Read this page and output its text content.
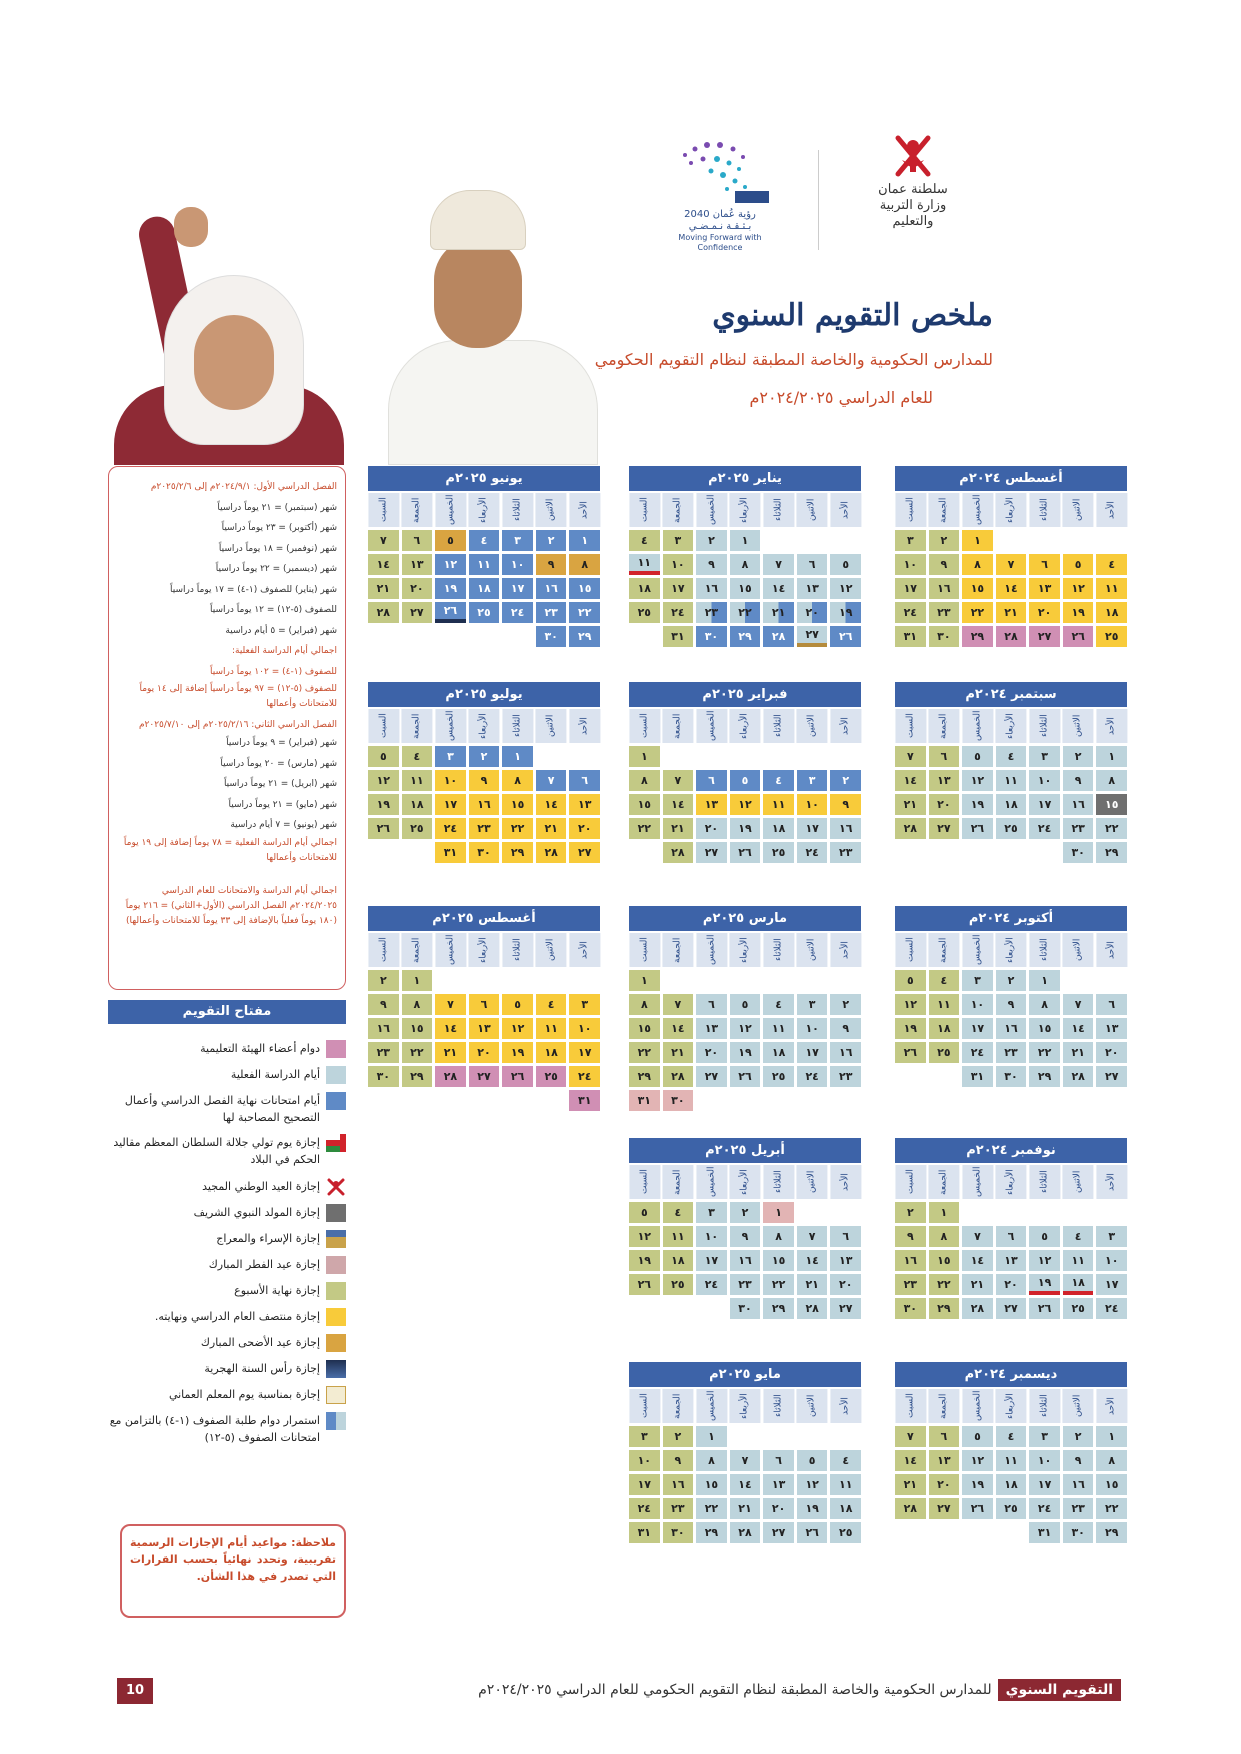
رؤية عُمان 2040
بـثـقـة نـمـضـي
Moving Forward with Confidence
سلطنة عمان
وزارة التربية والتعليم
ملخص التقويم السنوي
للمدارس الحكومية والخاصة المطبقة لنظام التقويم الحكومي
للعام الدراسي ٢٠٢٤/٢٠٢٥م
أغسطس ٢٠٢٤م
الأحد
الاثنين
الثلاثاء
الأربعاء
الخميس
الجمعة
السبت
١
٢
٣
٤
٥
٦
٧
٨
٩
١٠
١١
١٢
١٣
١٤
١٥
١٦
١٧
١٨
١٩
٢٠
٢١
٢٢
٢٣
٢٤
٢٥
٢٦
٢٧
٢٨
٢٩
٣٠
٣١
يناير ٢٠٢٥م
الأحد
الاثنين
الثلاثاء
الأربعاء
الخميس
الجمعة
السبت
١
٢
٣
٤
٥
٦
٧
٨
٩
١٠
١١
١٢
١٣
١٤
١٥
١٦
١٧
١٨
١٩
٢٠
٢١
٢٢
٢٣
٢٤
٢٥
٢٦
٢٧
٢٨
٢٩
٣٠
٣١
يونيو ٢٠٢٥م
الأحد
الاثنين
الثلاثاء
الأربعاء
الخميس
الجمعة
السبت
١
٢
٣
٤
٥
٦
٧
٨
٩
١٠
١١
١٢
١٣
١٤
١٥
١٦
١٧
١٨
١٩
٢٠
٢١
٢٢
٢٣
٢٤
٢٥
٢٦
٢٧
٢٨
٢٩
٣٠
سبتمبر ٢٠٢٤م
الأحد
الاثنين
الثلاثاء
الأربعاء
الخميس
الجمعة
السبت
١
٢
٣
٤
٥
٦
٧
٨
٩
١٠
١١
١٢
١٣
١٤
١٥
١٦
١٧
١٨
١٩
٢٠
٢١
٢٢
٢٣
٢٤
٢٥
٢٦
٢٧
٢٨
٢٩
٣٠
فبراير ٢٠٢٥م
الأحد
الاثنين
الثلاثاء
الأربعاء
الخميس
الجمعة
السبت
١
٢
٣
٤
٥
٦
٧
٨
٩
١٠
١١
١٢
١٣
١٤
١٥
١٦
١٧
١٨
١٩
٢٠
٢١
٢٢
٢٣
٢٤
٢٥
٢٦
٢٧
٢٨
يوليو ٢٠٢٥م
الأحد
الاثنين
الثلاثاء
الأربعاء
الخميس
الجمعة
السبت
١
٢
٣
٤
٥
٦
٧
٨
٩
١٠
١١
١٢
١٣
١٤
١٥
١٦
١٧
١٨
١٩
٢٠
٢١
٢٢
٢٣
٢٤
٢٥
٢٦
٢٧
٢٨
٢٩
٣٠
٣١
أكتوبر ٢٠٢٤م
الأحد
الاثنين
الثلاثاء
الأربعاء
الخميس
الجمعة
السبت
١
٢
٣
٤
٥
٦
٧
٨
٩
١٠
١١
١٢
١٣
١٤
١٥
١٦
١٧
١٨
١٩
٢٠
٢١
٢٢
٢٣
٢٤
٢٥
٢٦
٢٧
٢٨
٢٩
٣٠
٣١
مارس ٢٠٢٥م
الأحد
الاثنين
الثلاثاء
الأربعاء
الخميس
الجمعة
السبت
١
٢
٣
٤
٥
٦
٧
٨
٩
١٠
١١
١٢
١٣
١٤
١٥
١٦
١٧
١٨
١٩
٢٠
٢١
٢٢
٢٣
٢٤
٢٥
٢٦
٢٧
٢٨
٢٩
٣٠
٣١
أغسطس ٢٠٢٥م
الأحد
الاثنين
الثلاثاء
الأربعاء
الخميس
الجمعة
السبت
١
٢
٣
٤
٥
٦
٧
٨
٩
١٠
١١
١٢
١٣
١٤
١٥
١٦
١٧
١٨
١٩
٢٠
٢١
٢٢
٢٣
٢٤
٢٥
٢٦
٢٧
٢٨
٢٩
٣٠
٣١
نوفمبر ٢٠٢٤م
الأحد
الاثنين
الثلاثاء
الأربعاء
الخميس
الجمعة
السبت
١
٢
٣
٤
٥
٦
٧
٨
٩
١٠
١١
١٢
١٣
١٤
١٥
١٦
١٧
١٨
١٩
٢٠
٢١
٢٢
٢٣
٢٤
٢٥
٢٦
٢٧
٢٨
٢٩
٣٠
أبريل ٢٠٢٥م
الأحد
الاثنين
الثلاثاء
الأربعاء
الخميس
الجمعة
السبت
١
٢
٣
٤
٥
٦
٧
٨
٩
١٠
١١
١٢
١٣
١٤
١٥
١٦
١٧
١٨
١٩
٢٠
٢١
٢٢
٢٣
٢٤
٢٥
٢٦
٢٧
٢٨
٢٩
٣٠
ديسمبر ٢٠٢٤م
الأحد
الاثنين
الثلاثاء
الأربعاء
الخميس
الجمعة
السبت
١
٢
٣
٤
٥
٦
٧
٨
٩
١٠
١١
١٢
١٣
١٤
١٥
١٦
١٧
١٨
١٩
٢٠
٢١
٢٢
٢٣
٢٤
٢٥
٢٦
٢٧
٢٨
٢٩
٣٠
٣١
مايو ٢٠٢٥م
الأحد
الاثنين
الثلاثاء
الأربعاء
الخميس
الجمعة
السبت
١
٢
٣
٤
٥
٦
٧
٨
٩
١٠
١١
١٢
١٣
١٤
١٥
١٦
١٧
١٨
١٩
٢٠
٢١
٢٢
٢٣
٢٤
٢٥
٢٦
٢٧
٢٨
٢٩
٣٠
٣١

الفصل الدراسي الأول: ٢٠٢٤/٩/١م إلى ٢٠٢٥/٢/٦م

شهر (سبتمبر) = ٢١ يوماً دراسياً

شهر (أكتوبر) = ٢٣ يوماً دراسياً

شهر (نوفمبر) = ١٨ يوماً دراسياً

شهر (ديسمبر) = ٢٢ يوماً دراسياً

شهر (يناير) للصفوف (١-٤) = ١٧ يوماً دراسياً

للصفوف (٥-١٢) = ١٢ يوماً دراسياً

شهر (فبراير) = ٥ أيام دراسية

اجمالي أيام الدراسة الفعلية:

للصفوف (١-٤) = ١٠٢ يوماً دراسياً

للصفوف (٥-١٢) = ٩٧ يوماً دراسياً إضافة إلى ١٤ يوماً للامتحانات وأعمالها

الفصل الدراسي الثاني: ٢٠٢٥/٢/١٦م إلى ٢٠٢٥/٧/١٠م

شهر (فبراير) = ٩ يوماً دراسياً

شهر (مارس) = ٢٠ يوماً دراسياً

شهر (ابريل) = ٢١ يوماً دراسياً

شهر (مايو) = ٢١ يوماً دراسياً

شهر (يونيو) = ٧ أيام دراسية

اجمالي أيام الدراسة الفعلية = ٧٨ يوماً إضافة إلى ١٩ يوماً للامتحانات وأعمالها

اجمالي أيام الدراسة والامتحانات للعام الدراسي ٢٠٢٤/٢٠٢٥م الفصل الدراسي (الأول+الثاني) = ٢١٦ يوماً (١٨٠ يوماً فعلياً بالإضافة إلى ٣٣ يوماً للامتحانات وأعمالها)

مفتاح التقويم
دوام أعضاء الهيئة التعليمية
أيام الدراسة الفعلية
أيام امتحانات نهاية الفصل الدراسي وأعمال التصحيح المصاحبة لها
إجازة يوم تولي جلالة السلطان المعظم مقاليد الحكم في البلاد
إجازة العيد الوطني المجيد
إجازة المولد النبوي الشريف
إجازة الإسراء والمعراج
إجازة عيد الفطر المبارك
إجازة نهاية الأسبوع
إجازة منتصف العام الدراسي ونهايته.
إجازة عيد الأضحى المبارك
إجازة رأس السنة الهجرية
إجازة بمناسبة يوم المعلم العماني
استمرار دوام طلبة الصفوف (١-٤) بالتزامن مع امتحانات الصفوف (٥-١٢)
ملاحظة: مواعيد أيام الإجازات الرسمية تقريبية، وتحدد نهائياً بحسب القرارات التي تصدر في هذا الشأن.
10	التقويم السنوي
للمدارس الحكومية والخاصة المطبقة لنظام التقويم الحكومي للعام الدراسي ٢٠٢٤/٢٠٢٥م
